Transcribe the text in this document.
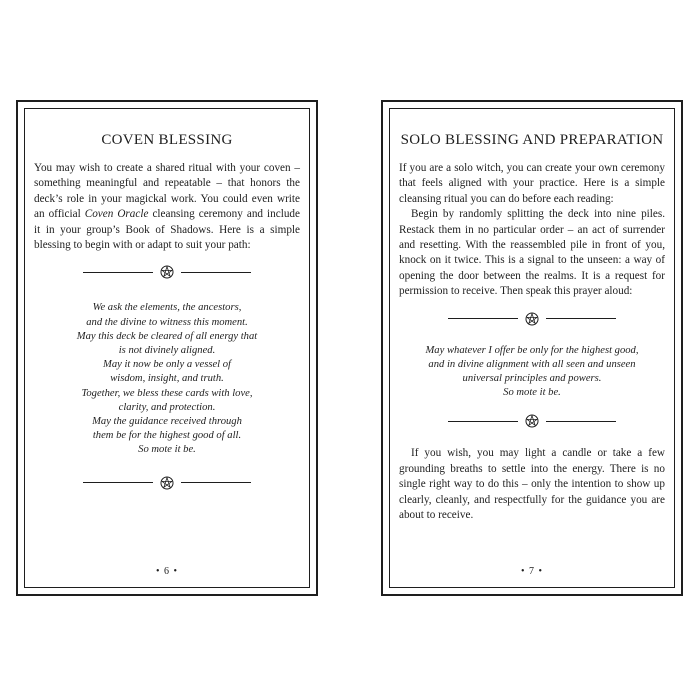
COVEN BLESSING

You may wish to create a shared ritual with your coven – something meaningful and repeatable – that honors the deck’s role in your magickal work. You could even write an official Coven Oracle cleansing ceremony and include it in your group’s Book of Shadows. Here is a simple blessing to begin with or adapt to suit your path:

We ask the elements, the ancestors,
and the divine to witness this moment.
May this deck be cleared of all energy that
is not divinely aligned.
May it now be only a vessel of
wisdom, insight, and truth.
Together, we bless these cards with love,
clarity, and protection.
May the guidance received through
them be for the highest good of all.
So mote it be.
• 6 •
SOLO BLESSING AND PREPARATION

If you are a solo witch, you can create your own ceremony that feels aligned with your practice. Here is a simple cleansing ritual you can do before each reading:

Begin by randomly splitting the deck into nine piles. Restack them in no particular order – an act of surrender and resetting. With the reassembled pile in front of you, knock on it twice. This is a signal to the unseen: a way of opening the door between the realms. It is a request for permission to receive. Then speak this prayer aloud:

May whatever I offer be only for the highest good,
and in divine alignment with all seen and unseen
universal principles and powers.
So mote it be.

If you wish, you may light a candle or take a few grounding breaths to settle into the energy. There is no single right way to do this – only the intention to show up clearly, cleanly, and respectfully for the guidance you are about to receive.

• 7 •
